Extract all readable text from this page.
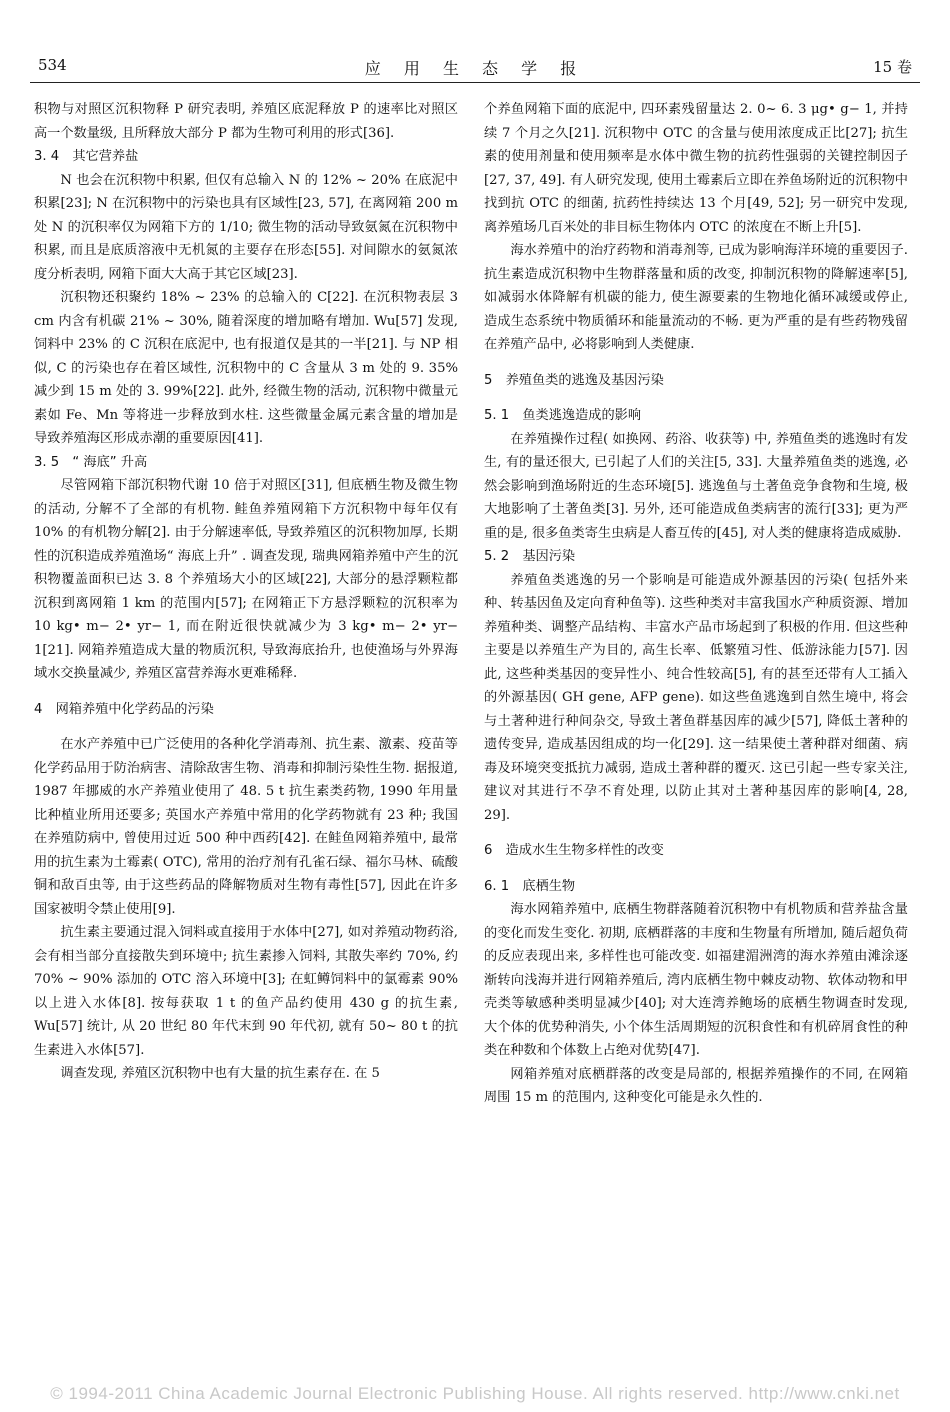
534	应 用 生 态 学 报	15 卷

积物与对照区沉积物释 P 研究表明, 养殖区底泥释放 P 的速率比对照区高一个数量级, 且所释放大部分 P 都为生物可利用的形式[36].

3. 4　其它营养盐

N 也会在沉积物中积累, 但仅有总输入 N 的 12% ~ 20% 在底泥中积累[23]; N 在沉积物中的污染也具有区域性[23, 57], 在离网箱 200 m 处 N 的沉积率仅为网箱下方的 1/10; 微生物的活动导致氨氮在沉积物中积累, 而且是底质溶液中无机氮的主要存在形态[55]. 对间隙水的氨氮浓度分析表明, 网箱下面大大高于其它区域[23].

沉积物还积聚约 18% ~ 23% 的总输入的 C[22]. 在沉积物表层 3 cm 内含有机碳 21% ~ 30%, 随着深度的增加略有增加. Wu[57] 发现, 饲料中 23% 的 C 沉积在底泥中, 也有报道仅是其的一半[21]. 与 NP 相似, C 的污染也存在着区域性, 沉积物中的 C 含量从 3 m 处的 9. 35% 减少到 15 m 处的 3. 99%[22]. 此外, 经微生物的活动, 沉积物中微量元素如 Fe、Mn 等将进一步释放到水柱. 这些微量金属元素含量的增加是导致养殖海区形成赤潮的重要原因[41].

3. 5　“ 海底” 升高

尽管网箱下部沉积物代谢 10 倍于对照区[31], 但底栖生物及微生物的活动, 分解不了全部的有机物. 鲑鱼养殖网箱下方沉积物中每年仅有 10% 的有机物分解[2]. 由于分解速率低, 导致养殖区的沉积物加厚, 长期性的沉积造成养殖渔场“ 海底上升” . 调查发现, 瑞典网箱养殖中产生的沉积物覆盖面积已达 3. 8 个养殖场大小的区域[22], 大部分的悬浮颗粒都沉积到离网箱 1 km 的范围内[57]; 在网箱正下方悬浮颗粒的沉积率为 10 kg• m− 2• yr− 1, 而在附近很快就减少为 3 kg• m− 2• yr− 1[21]. 网箱养殖造成大量的物质沉积, 导致海底抬升, 也使渔场与外界海域水交换量减少, 养殖区富营养海水更难稀释.

4　网箱养殖中化学药品的污染

在水产养殖中已广泛使用的各种化学消毒剂、抗生素、激素、疫苗等化学药品用于防治病害、清除敌害生物、消毒和抑制污染性生物. 据报道, 1987 年挪威的水产养殖业使用了 48. 5 t 抗生素类药物, 1990 年用量比种植业所用还要多; 英国水产养殖中常用的化学药物就有 23 种; 我国在养殖防病中, 曾使用过近 500 种中西药[42]. 在鲑鱼网箱养殖中, 最常用的抗生素为土霉素( OTC), 常用的治疗剂有孔雀石绿、福尔马林、硫酸铜和敌百虫等, 由于这些药品的降解物质对生物有毒性[57], 因此在许多国家被明令禁止使用[9].

抗生素主要通过混入饲料或直接用于水体中[27], 如对养殖动物药浴, 会有相当部分直接散失到环境中; 抗生素掺入饲料, 其散失率约 70%, 约 70% ~ 90% 添加的 OTC 溶入环境中[3]; 在虹鳟饲料中的氯霉素 90% 以上进入水体[8]. 按每获取 1 t 的鱼产品约使用 430 g 的抗生素, Wu[57] 统计, 从 20 世纪 80 年代末到 90 年代初, 就有 50~ 80 t 的抗生素进入水体[57].

调查发现, 养殖区沉积物中也有大量的抗生素存在. 在 5

个养鱼网箱下面的底泥中, 四环素残留量达 2. 0~ 6. 3 μg• g− 1, 并持续 7 个月之久[21]. 沉积物中 OTC 的含量与使用浓度成正比[27]; 抗生素的使用剂量和使用频率是水体中微生物的抗药性强弱的关键控制因子[27, 37, 49]. 有人研究发现, 使用土霉素后立即在养鱼场附近的沉积物中找到抗 OTC 的细菌, 抗药性持续达 13 个月[49, 52]; 另一研究中发现, 离养殖场几百米处的非目标生物体内 OTC 的浓度在不断上升[5].

海水养殖中的治疗药物和消毒剂等, 已成为影响海洋环境的重要因子. 抗生素造成沉积物中生物群落量和质的改变, 抑制沉积物的降解速率[5], 如减弱水体降解有机碳的能力, 使生源要素的生物地化循环减缓或停止, 造成生态系统中物质循环和能量流动的不畅. 更为严重的是有些药物残留在养殖产品中, 必将影响到人类健康.

5　养殖鱼类的逃逸及基因污染
5. 1　鱼类逃逸造成的影响

在养殖操作过程( 如换网、药浴、收获等) 中, 养殖鱼类的逃逸时有发生, 有的量还很大, 已引起了人们的关注[5, 33]. 大量养殖鱼类的逃逸, 必然会影响到渔场附近的生态环境[5]. 逃逸鱼与土著鱼竞争食物和生境, 极大地影响了土著鱼类[3]. 另外, 还可能造成鱼类病害的流行[33]; 更为严重的是, 很多鱼类寄生虫病是人畜互传的[45], 对人类的健康将造成威胁.

5. 2　基因污染

养殖鱼类逃逸的另一个影响是可能造成外源基因的污染( 包括外来种、转基因鱼及定向育种鱼等). 这些种类对丰富我国水产种质资源、增加养殖种类、调整产品结构、丰富水产品市场起到了积极的作用. 但这些种主要是以养殖生产为目的, 高生长率、低繁殖习性、低游泳能力[57]. 因此, 这些种类基因的变异性小、纯合性较高[5], 有的甚至还带有人工插入的外源基因( GH gene, AFP gene). 如这些鱼逃逸到自然生境中, 将会与土著种进行种间杂交, 导致土著鱼群基因库的减少[57], 降低土著种的遗传变异, 造成基因组成的均一化[29]. 这一结果使土著种群对细菌、病毒及环境突变抵抗力减弱, 造成土著种群的覆灭. 这已引起一些专家关注, 建议对其进行不孕不育处理, 以防止其对土著种基因库的影响[4, 28, 29].

6　造成水生生物多样性的改变
6. 1　底栖生物

海水网箱养殖中, 底栖生物群落随着沉积物中有机物质和营养盐含量的变化而发生变化. 初期, 底栖群落的丰度和生物量有所增加, 随后超负荷的反应表现出来, 多样性也可能改变. 如福建湄洲湾的海水养殖由滩涂逐渐转向浅海并进行网箱养殖后, 湾内底栖生物中棘皮动物、软体动物和甲壳类等敏感种类明显减少[40]; 对大连湾养鲍场的底栖生物调查时发现, 大个体的优势种消失, 小个体生活周期短的沉积食性和有机碎屑食性的种类在种数和个体数上占绝对优势[47].

网箱养殖对底栖群落的改变是局部的, 根据养殖操作的不同, 在网箱周围 15 m 的范围内, 这种变化可能是永久性的.

© 1994-2011 China Academic Journal Electronic Publishing House. All rights reserved. http://www.cnki.net
